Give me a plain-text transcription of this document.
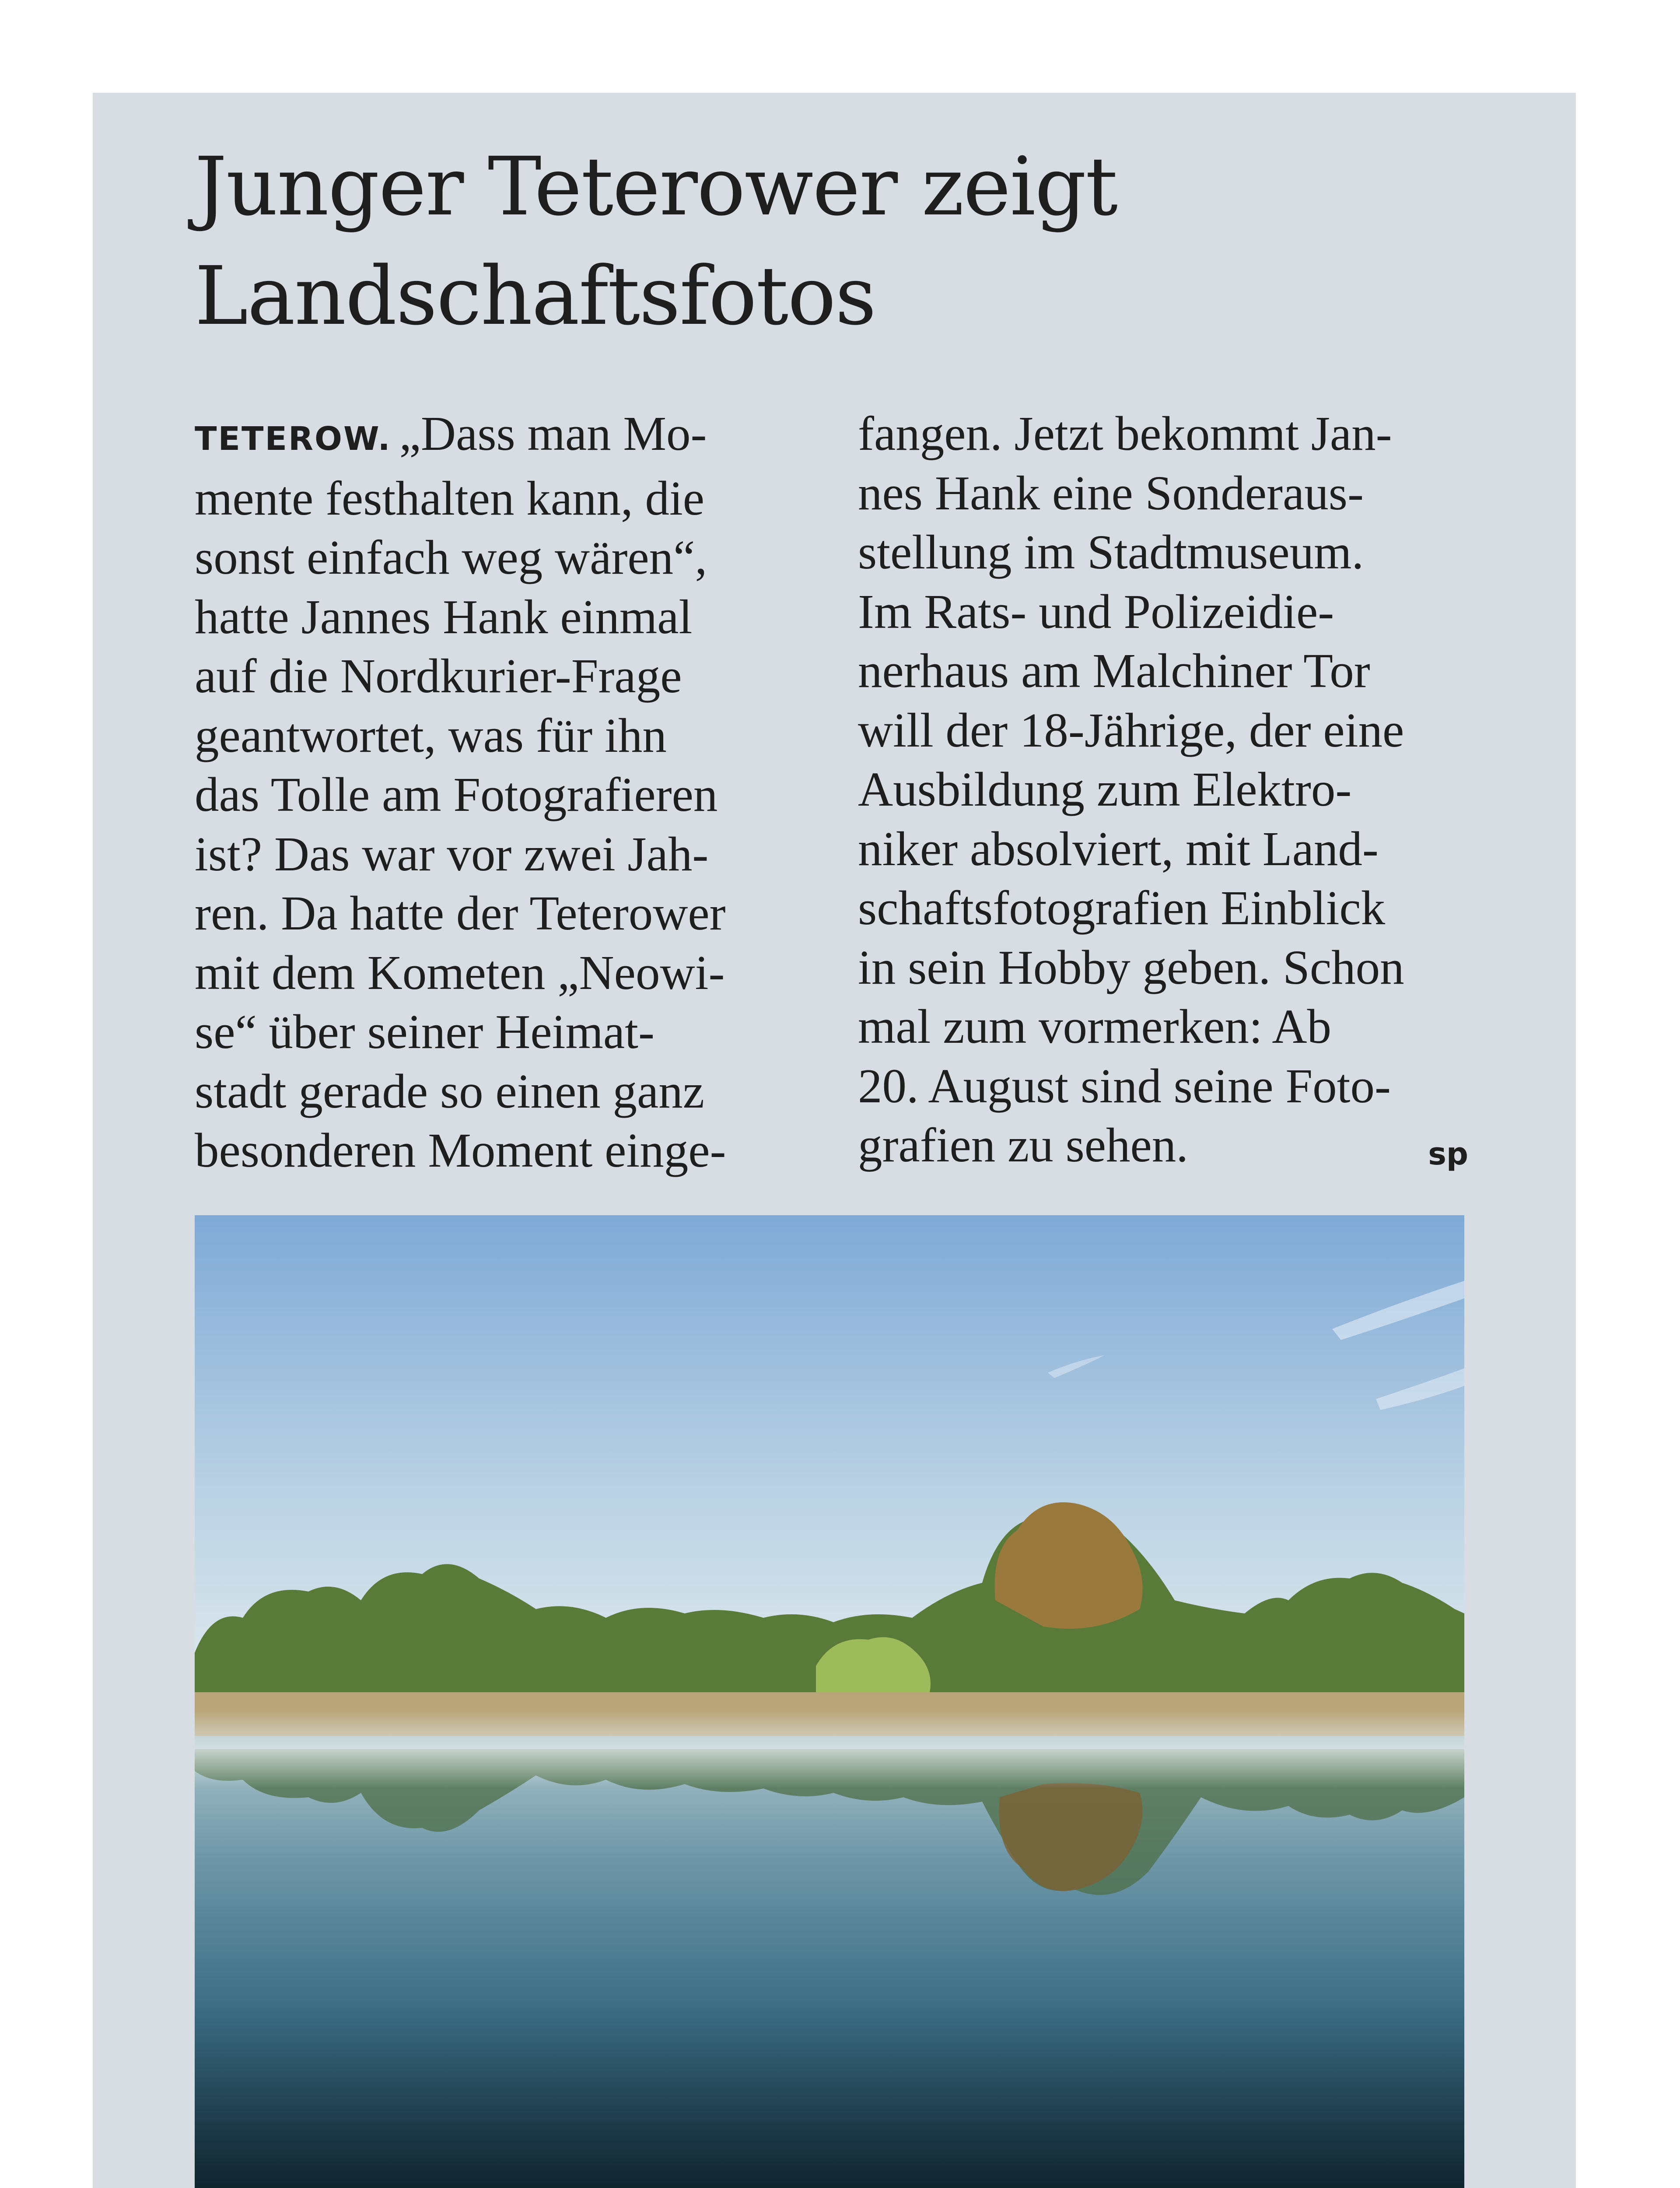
Junger Teterower zeigt
Landschaftsfotos
TETEROW. „Dass man Mo-
mente festhalten kann, die
sonst einfach weg wären“,
hatte Jannes Hank einmal
auf die Nordkurier-Frage
geantwortet, was für ihn
das Tolle am Fotografieren
ist? Das war vor zwei Jah-
ren. Da hatte der Teterower
mit dem Kometen „Neowi-
se“ über seiner Heimat-
stadt gerade so einen ganz
besonderen Moment einge-
fangen. Jetzt bekommt Jan-
nes Hank eine Sonderaus-
stellung im Stadtmuseum.
Im Rats- und Polizeidie-
nerhaus am Malchiner Tor
will der 18-Jährige, der eine
Ausbildung zum Elektro-
niker absolviert, mit Land-
schaftsfotografien Einblick
in sein Hobby geben. Schon
mal zum vormerken: Ab
20. August sind seine Foto-
grafien zu sehen.	sp
